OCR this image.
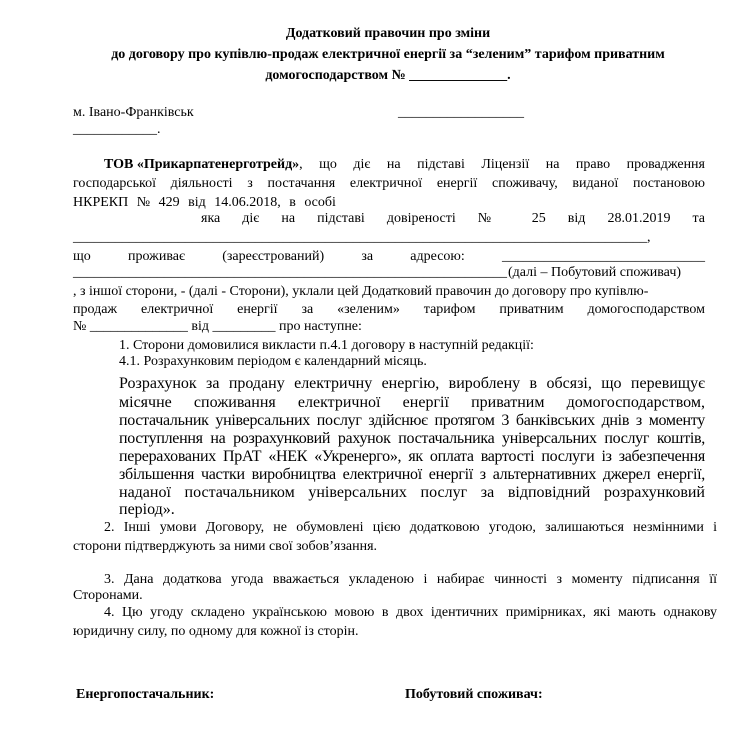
Додатковий правочин про зміни
до договору про купівлю-продаж електричної енергії за “зеленим” тарифом приватним
домогосподарством № ______________.
м. Івано-Франківськ	__________________
____________.
ТОВ «Прикарпатенерготрейд» , що діє на підставі Ліцензії на право провадження
господарської діяльності з постачання електричної енергії споживачу, виданої постановою
НКРЕКП № 429 від 14.06.2018, в особі
яка діє на підставі довіреності № 25 від 28.01.2019 та
__________________________________________________________________________________,
що проживає (зареєстрований) за адресою: _____________________________
______________________________________________________________ (далі – Побутовий споживач)
, з іншої сторони, - (далі - Сторони), уклали цей Додатковий правочин до договору про купівлю-
продаж електричної енергії за «зеленим» тарифом приватним домогосподарством
№ ______________ від _________ про наступне:
1. Сторони домовилися викласти п.4.1 договору в наступній редакції:
4.1. Розрахунковим періодом є календарний місяць.
Розрахунок за продану електричну енергію, вироблену в обсязі, що перевищує
місячне споживання електричної енергії приватним домогосподарством,
постачальник універсальних послуг здійснює протягом 3 банківських днів з моменту
поступлення на розрахунковий рахунок постачальника універсальних послуг коштів,
перерахованих ПрАТ «НЕК «Укренерго», як оплата вартості послуги із забезпечення
збільшення частки виробництва електричної енергії з альтернативних джерел енергії,
наданої постачальником універсальних послуг за відповідний розрахунковий
період».
2. Інші умови Договору, не обумовлені цією додатковою угодою, залишаються незмінними і
сторони підтверджують за ними свої зобов’язання.
3. Дана додаткова угода вважається укладеною і набирає чинності з моменту підписання її
Сторонами.
4. Цю угоду складено українською мовою в двох ідентичних примірниках, які мають однакову
юридичну силу, по одному для кожної із сторін.
Енергопостачальник:	Побутовий споживач:
